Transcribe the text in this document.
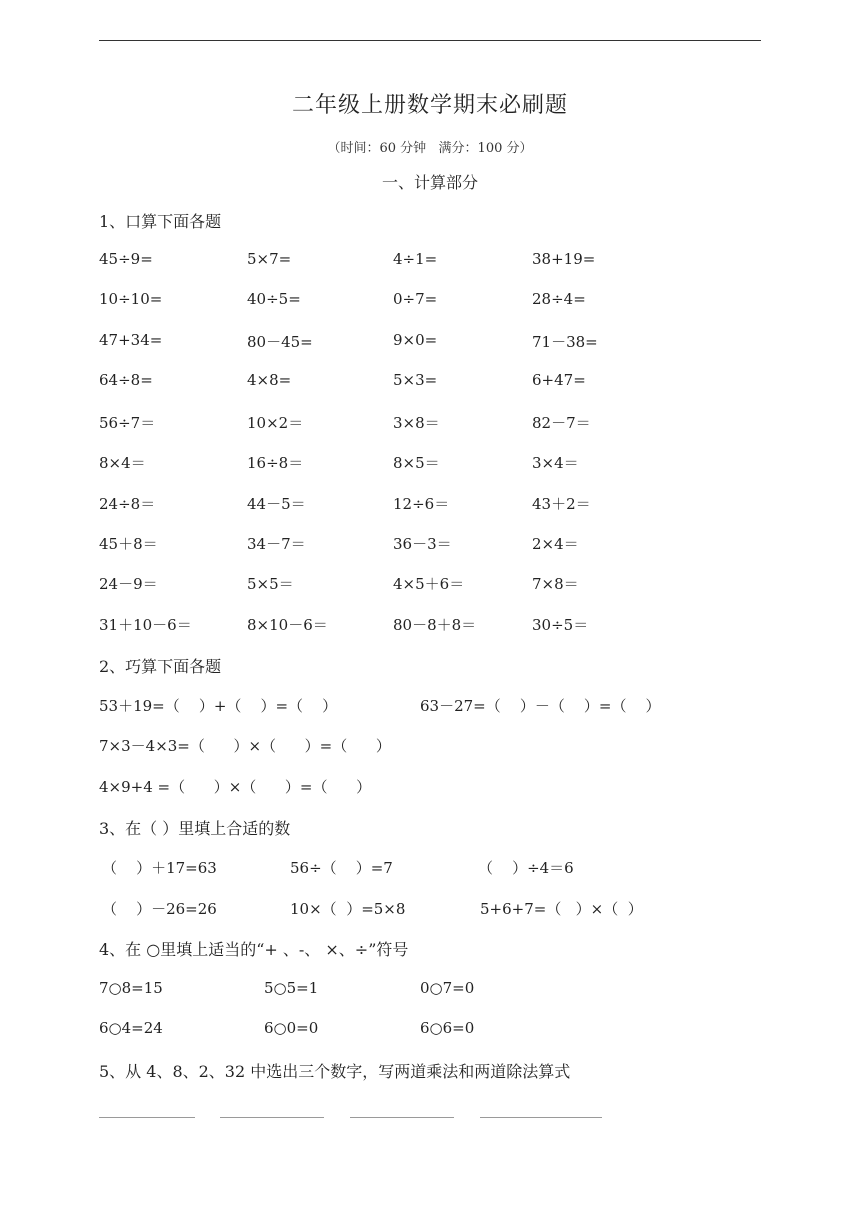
二年级上册数学期末必刷题
（时间：60 分钟   满分：100 分）
一、计算部分
1、口算下面各题
45÷9=	5×7=	4÷1=	38+19=
10÷10=	40÷5=	0÷7=	28÷4=
47+34=	80－45=	9×0=	71－38=
64÷8=	4×8=	5×3=	6+47=
56÷7＝	10×2＝	3×8＝	82－7＝
8×4＝	16÷8＝	8×5＝	3×4＝
24÷8＝	44－5＝	12÷6＝	43＋2＝
45＋8＝	34－7＝	36－3＝	2×4＝
24－9＝	5×5＝	4×5＋6＝	7×8＝
31＋10－6＝	8×10－6＝	80－8＋8＝	30÷5＝
2、巧算下面各题
53＋19=（    ）+（    ）=（    ）	63－27=（    ）－（    ）=（    ）
7×3－4×3=（      ）×（      ）=（      ）
4×9+4 =（      ）×（      ）=（      ）
3、在（ ）里填上合适的数
（    ）＋17=63	56÷（    ）=7	（    ）÷4＝6
（    ）－26=26	10×（  ）=5×8	5+6+7=（   ）×（  ）
4、在 ○里填上适当的“+ 、-、 ×、÷”符号
7○8=15	5○5=1	0○7=0
6○4=24	6○0=0	6○6=0
5、从 4、8、2、32 中选出三个数字，写两道乘法和两道除法算式
